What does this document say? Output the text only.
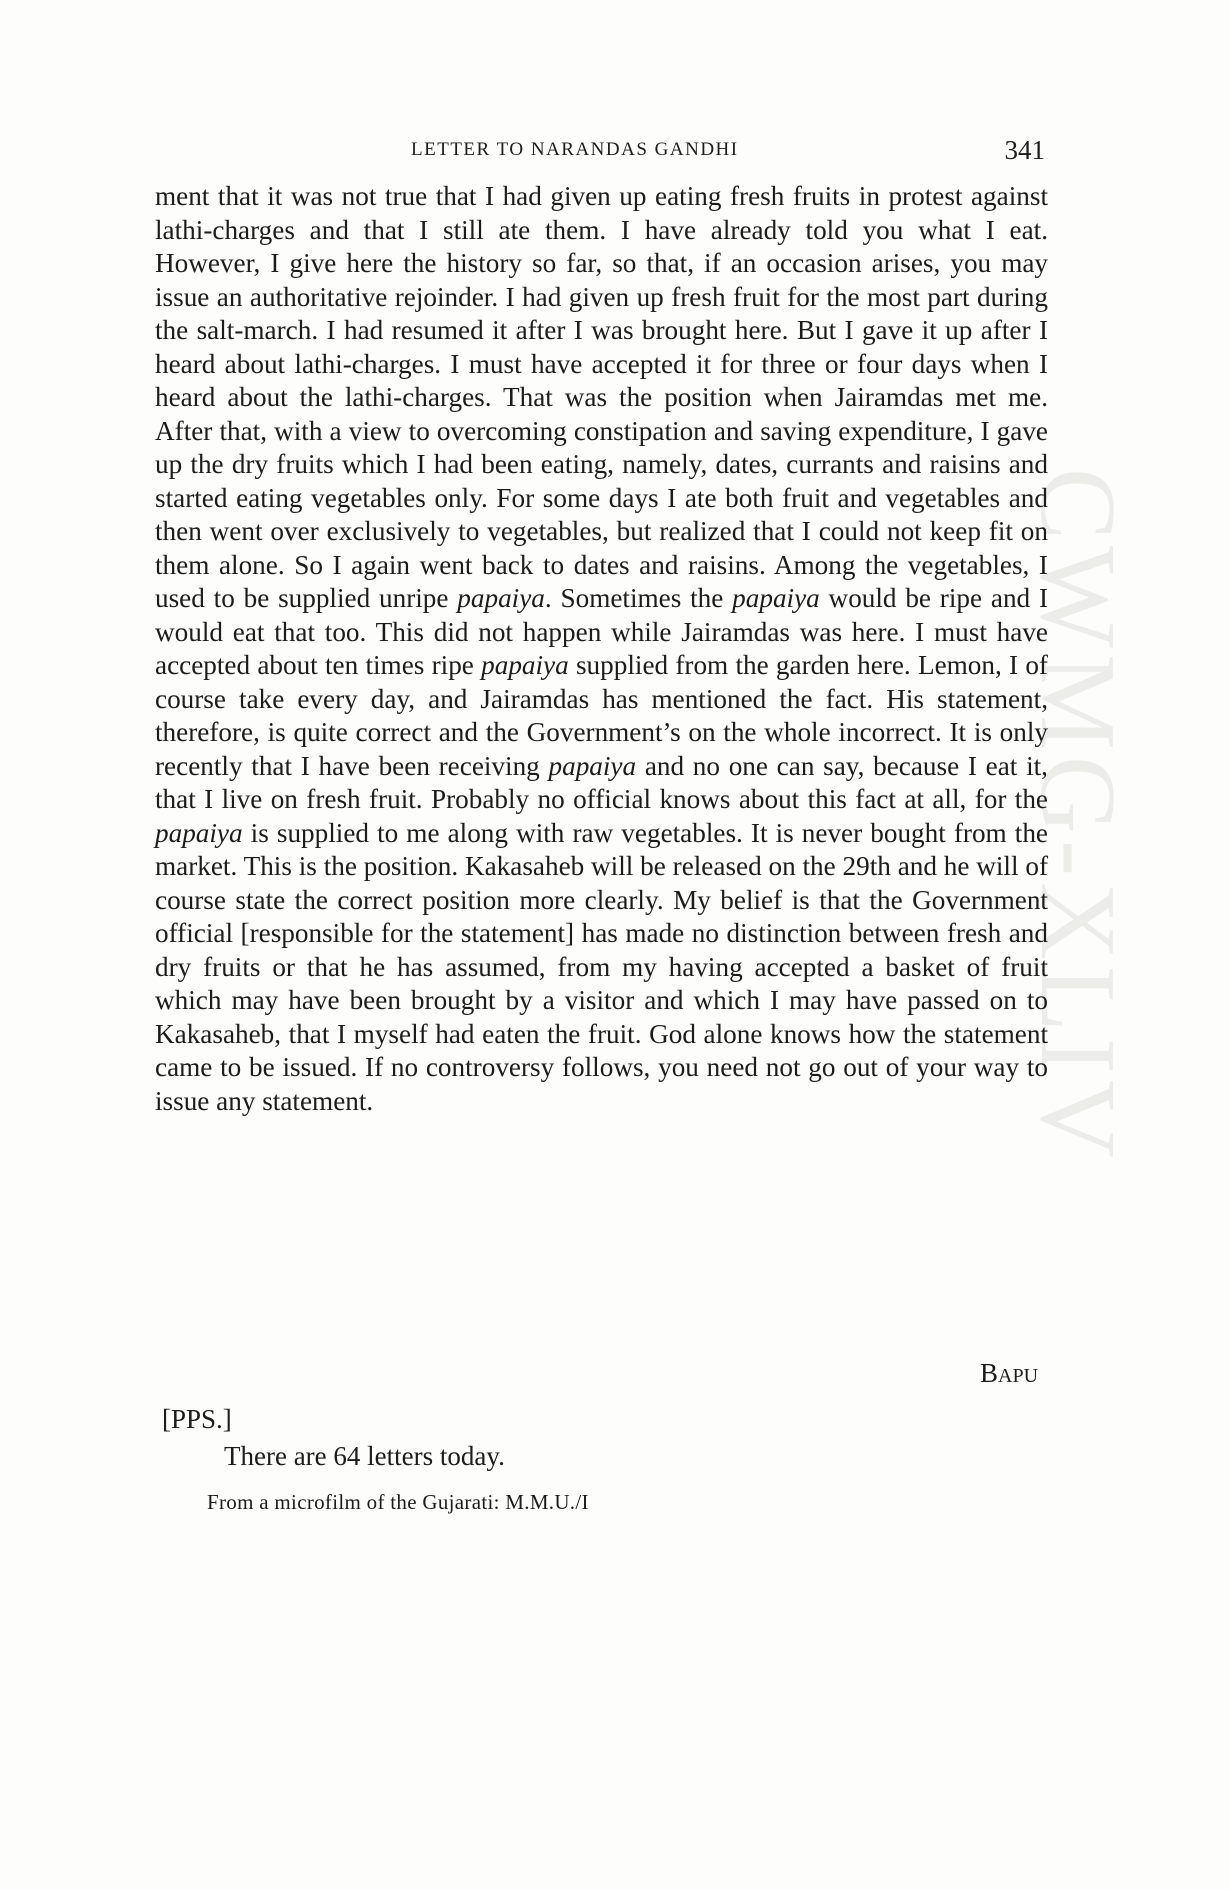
CWMG-XLIV
LETTER TO NARANDAS GANDHI	341

ment that it was not true that I had given up eating fresh fruits in protest against lathi-charges and that I still ate them. I have already told you what I eat. However, I give here the history so far, so that, if an occasion arises, you may issue an authoritative rejoinder. I had given up fresh fruit for the most part during the salt-march. I had resumed it after I was brought here. But I gave it up after I heard about lathi-charges. I must have accepted it for three or four days when I heard about the lathi-charges. That was the position when Jairamdas met me. After that, with a view to overcoming constipation and saving expenditure, I gave up the dry fruits which I had been eating, namely, dates, currants and raisins and started eating vegetables only. For some days I ate both fruit and vegetables and then went over exclusively to vegetables, but realized that I could not keep fit on them alone. So I again went back to dates and raisins. Among the vegetables, I used to be supplied unripe papaiya. Sometimes the papaiya would be ripe and I would eat that too. This did not happen while Jairamdas was here. I must have accepted about ten times ripe papaiya supplied from the garden here. Lemon, I of course take every day, and Jairamdas has mentioned the fact. His statement, therefore, is quite correct and the Government’s on the whole incorrect. It is only recently that I have been receiving papaiya and no one can say, because I eat it, that I live on fresh fruit. Probably no official knows about this fact at all, for the papaiya is supplied to me along with raw vegetables. It is never bought from the market. This is the position. Kakasaheb will be released on the 29th and he will of course state the correct position more clearly. My belief is that the Government official [responsible for the statement] has made no distinction between fresh and dry fruits or that he has assumed, from my having accepted a basket of fruit which may have been brought by a visitor and which I may have passed on to Kakasaheb, that I myself had eaten the fruit. God alone knows how the statement came to be issued. If no controversy follows, you need not go out of your way to issue any statement.

BAPU
[PPS.]
There are 64 letters today.
From a microfilm of the Gujarati: M.M.U./I
